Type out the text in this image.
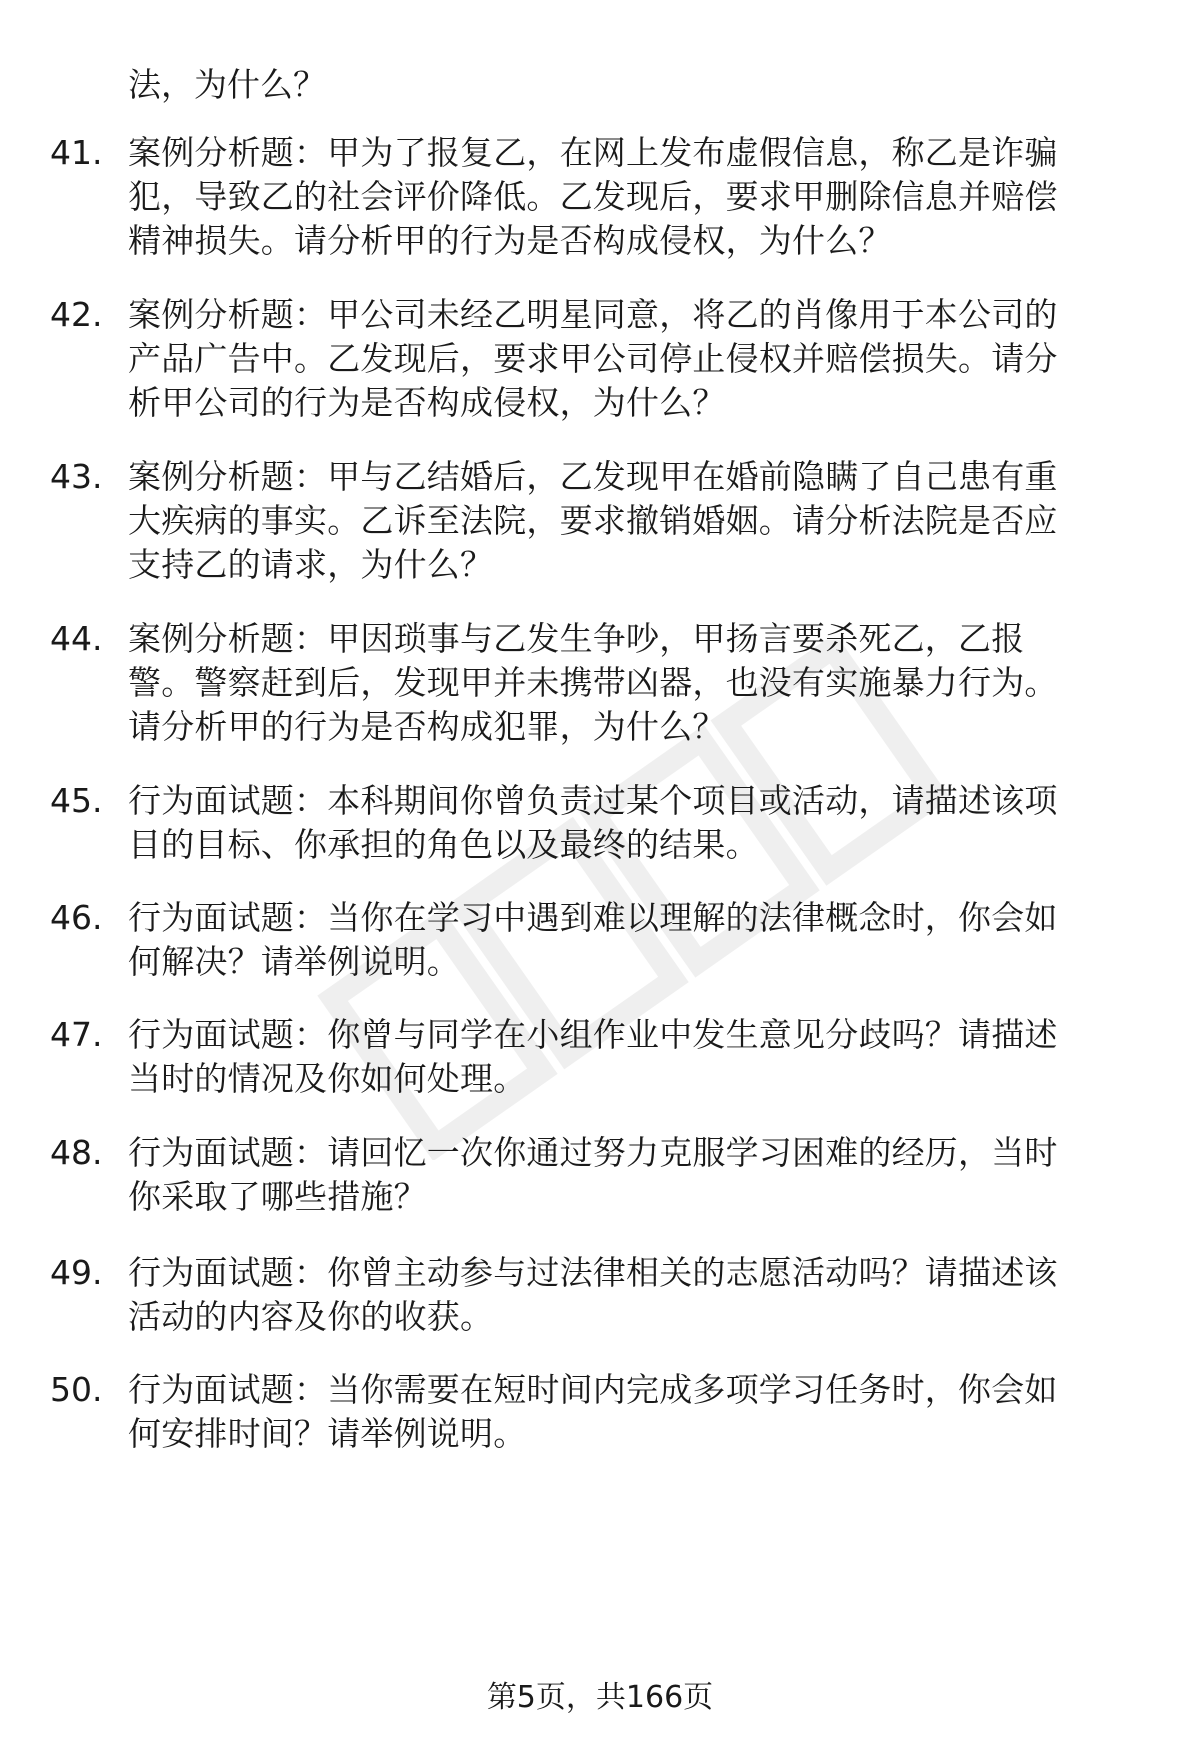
法，为什么？
41. 案例分析题：甲为了报复乙，在网上发布虚假信息，称乙是诈骗
犯，导致乙的社会评价降低。乙发现后，要求甲删除信息并赔偿
精神损失。请分析甲的行为是否构成侵权，为什么？
42. 案例分析题：甲公司未经乙明星同意，将乙的肖像用于本公司的
产品广告中。乙发现后，要求甲公司停止侵权并赔偿损失。请分
析甲公司的行为是否构成侵权，为什么？
43. 案例分析题：甲与乙结婚后，乙发现甲在婚前隐瞒了自己患有重
大疾病的事实。乙诉至法院，要求撤销婚姻。请分析法院是否应
支持乙的请求，为什么？
44. 案例分析题：甲因琐事与乙发生争吵，甲扬言要杀死乙，乙报
警。警察赶到后，发现甲并未携带凶器，也没有实施暴力行为。
请分析甲的行为是否构成犯罪，为什么？
45. 行为面试题：本科期间你曾负责过某个项目或活动，请描述该项
目的目标、你承担的角色以及最终的结果。
46. 行为面试题：当你在学习中遇到难以理解的法律概念时，你会如
何解决？请举例说明。
47. 行为面试题：你曾与同学在小组作业中发生意见分歧吗？请描述
当时的情况及你如何处理。
48. 行为面试题：请回忆一次你通过努力克服学习困难的经历，当时
你采取了哪些措施？
49. 行为面试题：你曾主动参与过法律相关的志愿活动吗？请描述该
活动的内容及你的收获。
50. 行为面试题：当你需要在短时间内完成多项学习任务时，你会如
何安排时间？请举例说明。
第5页，共166页
